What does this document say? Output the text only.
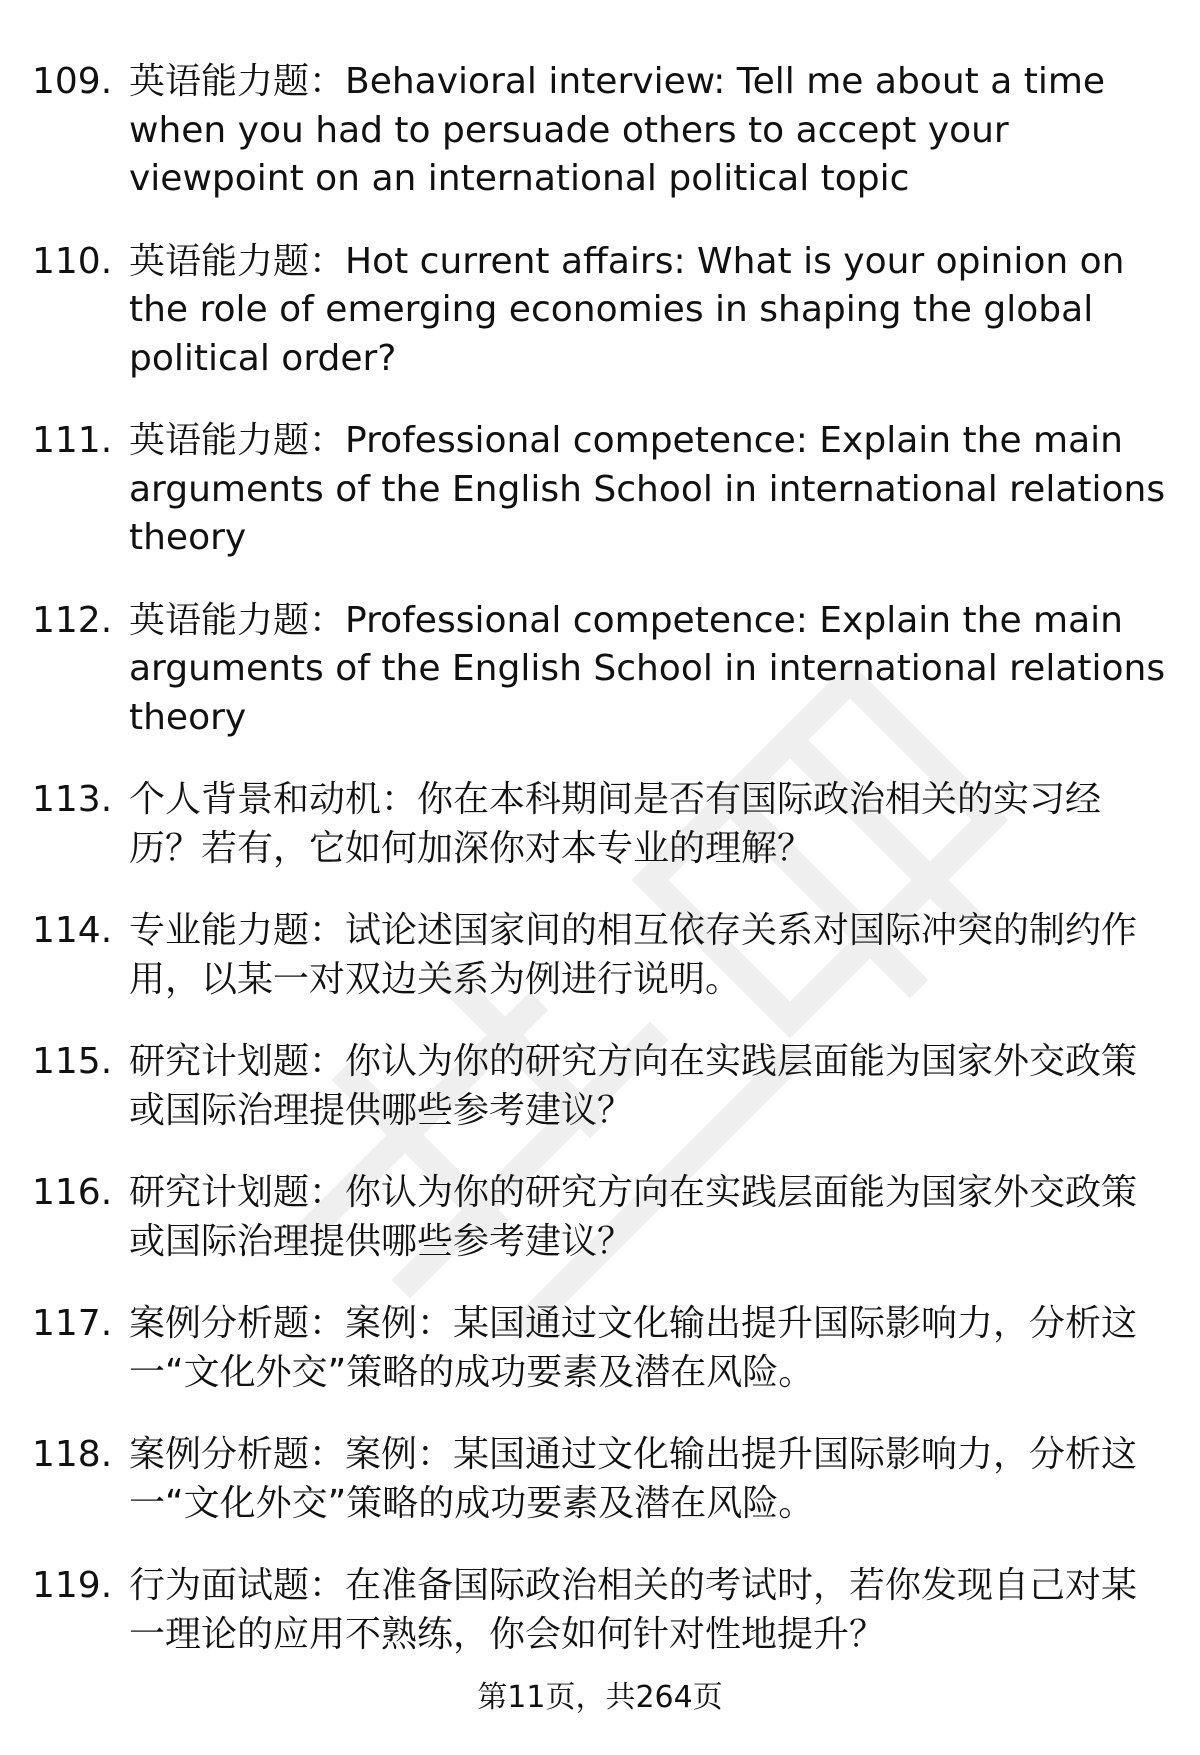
109. 英语能力题：Behavioral interview: Tell me about a time when you had to persuade others to accept your viewpoint on an international political topic
110. 英语能力题：Hot current affairs: What is your opinion on the role of emerging economies in shaping the global political order?
111. 英语能力题：Professional competence: Explain the main arguments of the English School in international relations theory
112. 英语能力题：Professional competence: Explain the main arguments of the English School in international relations theory
113. 个人背景和动机：你在本科期间是否有国际政治相关的实习经历？若有，它如何加深你对本专业的理解？
114. 专业能力题：试论述国家间的相互依存关系对国际冲突的制约作用，以某一对双边关系为例进行说明。
115. 研究计划题：你认为你的研究方向在实践层面能为国家外交政策或国际治理提供哪些参考建议？
116. 研究计划题：你认为你的研究方向在实践层面能为国家外交政策或国际治理提供哪些参考建议？
117. 案例分析题：案例：某国通过文化输出提升国际影响力，分析这一“文化外交”策略的成功要素及潜在风险。
118. 案例分析题：案例：某国通过文化输出提升国际影响力，分析这一“文化外交”策略的成功要素及潜在风险。
119. 行为面试题：在准备国际政治相关的考试时，若你发现自己对某一理论的应用不熟练，你会如何针对性地提升？
第11页，共264页
